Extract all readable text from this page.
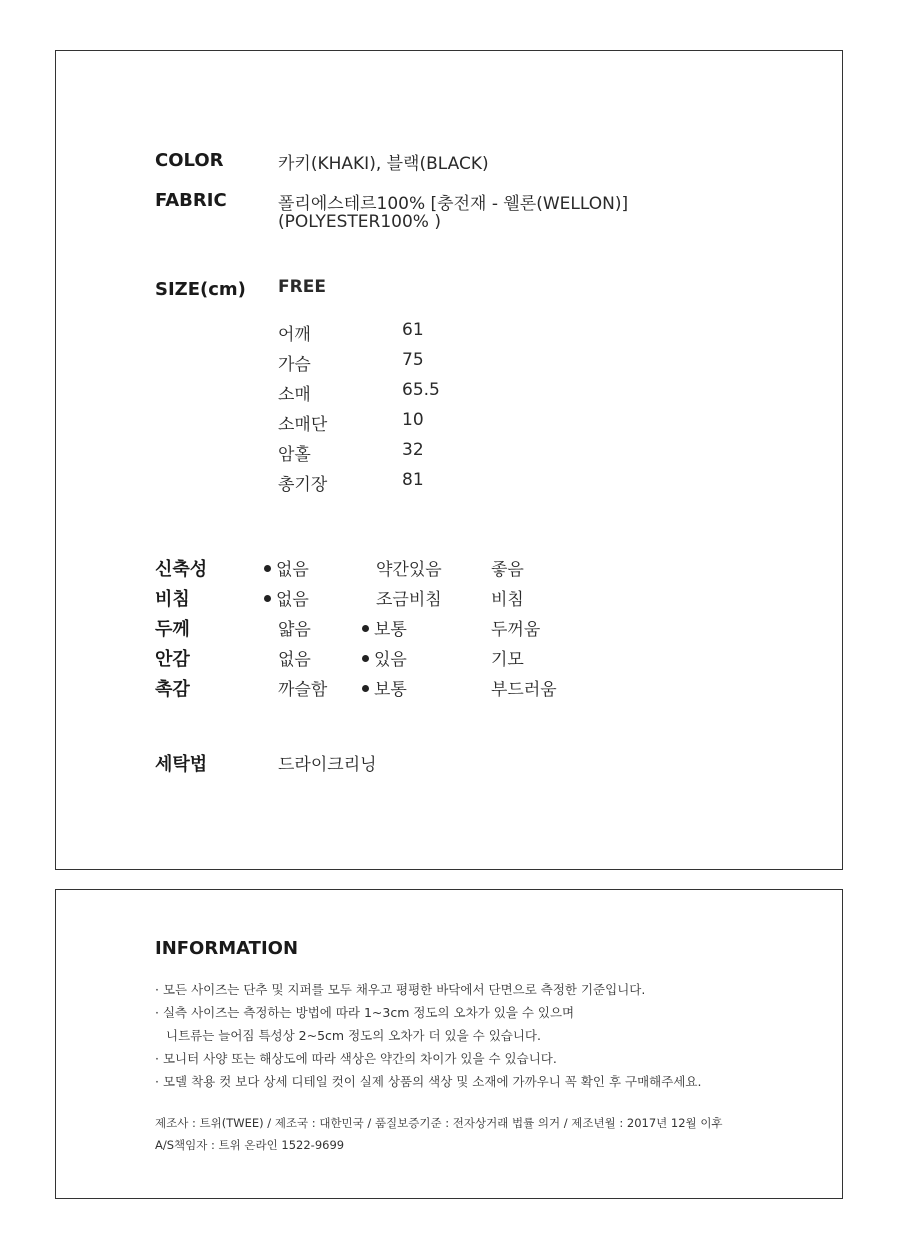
COLOR	카키(KHAKI), 블랙(BLACK)
FABRIC	폴리에스테르100% [충전재 - 웰론(WELLON)]
(POLYESTER100% )
SIZE(cm) FREE
어깨	61
가슴	75
소매	65.5
소매단	10
암홀	32
총기장	81
신축성	없음	약간있음	좋음
비침	없음	조금비침	비침
두께	얇음	보통	두꺼움
안감	없음	있음	기모
촉감	까슬함	보통	부드러움
세탁법	드라이크리닝
INFORMATION
· 모든 사이즈는 단추 및 지퍼를 모두 채우고 평평한 바닥에서 단면으로 측정한 기준입니다.
· 실측 사이즈는 측정하는 방법에 따라 1~3cm 정도의 오차가 있을 수 있으며
니트류는 늘어짐 특성상 2~5cm 정도의 오차가 더 있을 수 있습니다.
· 모니터 사양 또는 해상도에 따라 색상은 약간의 차이가 있을 수 있습니다.
· 모델 착용 컷 보다 상세 디테일 컷이 실제 상품의 색상 및 소재에 가까우니 꼭 확인 후 구매해주세요.
제조사 : 트위(TWEE) / 제조국 : 대한민국 / 품질보증기준 : 전자상거래 법률 의거 / 제조년월 : 2017년 12월 이후
A/S책임자 : 트위 온라인 1522-9699
